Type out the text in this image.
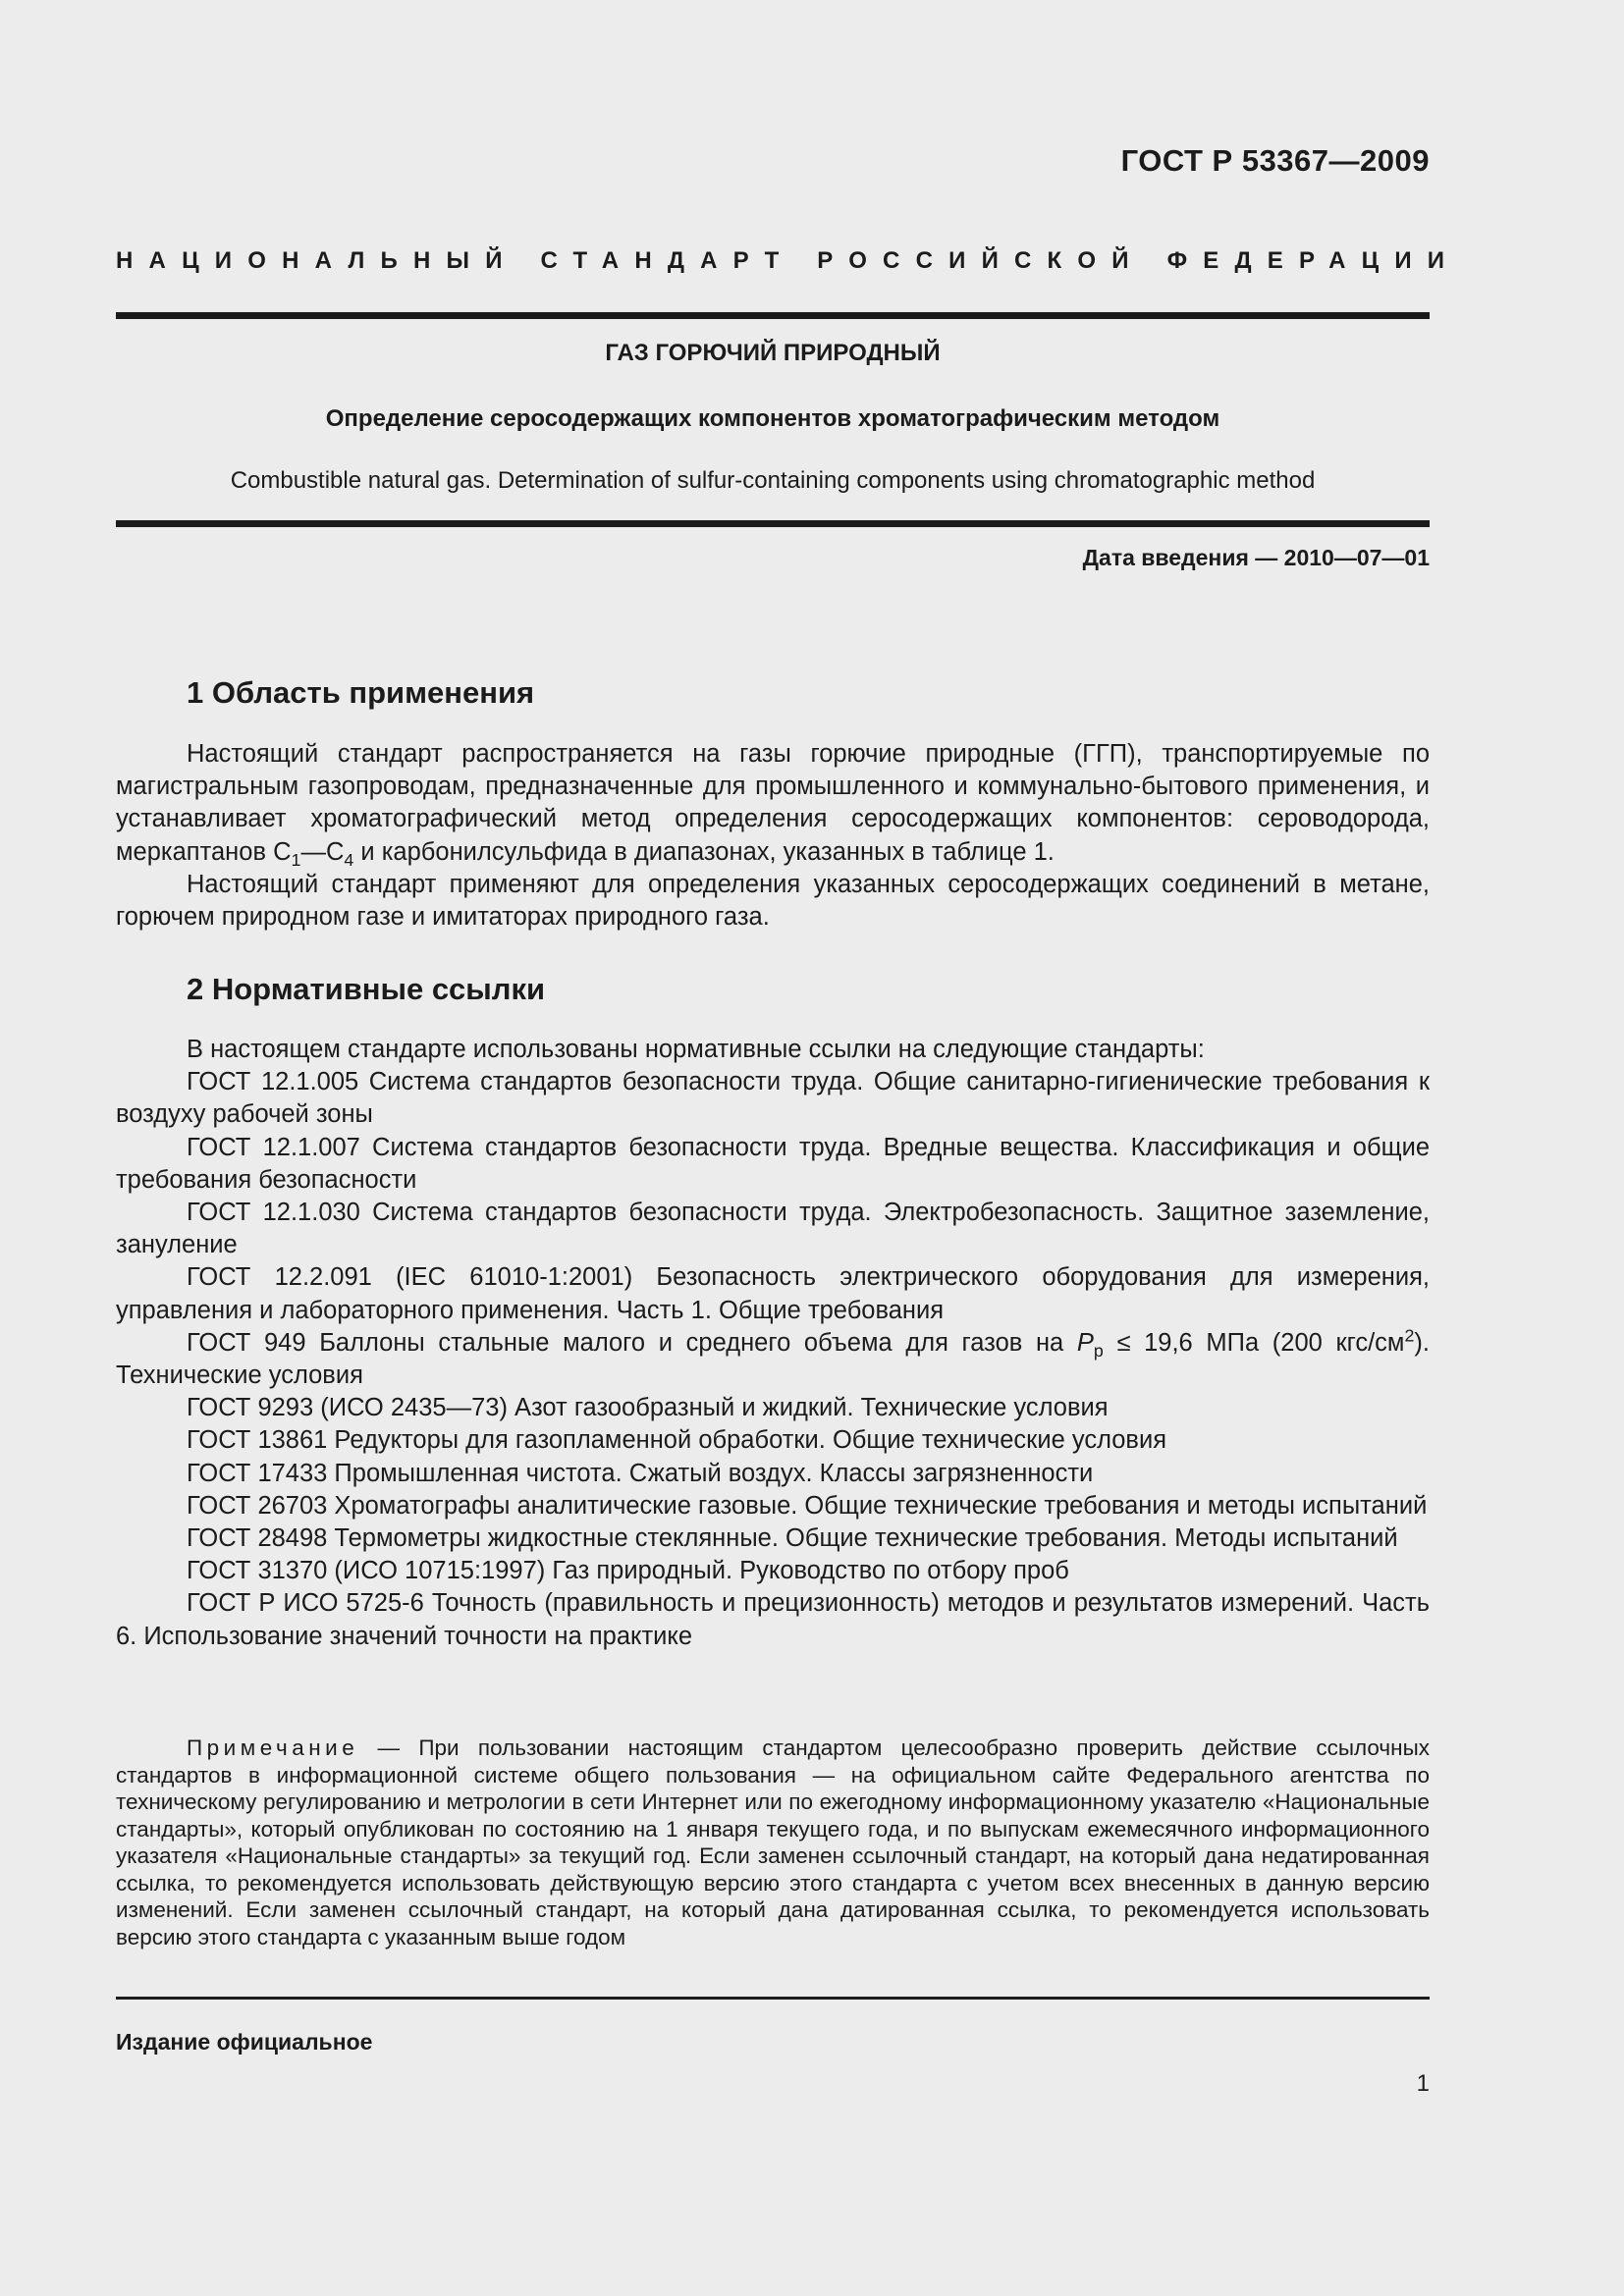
ГОСТ Р 53367—2009
НАЦИОНАЛЬНЫЙ СТАНДАРТ РОССИЙСКОЙ ФЕДЕРАЦИИ
ГАЗ ГОРЮЧИЙ ПРИРОДНЫЙ
Определение серосодержащих компонентов хроматографическим методом
Combustible natural gas. Determination of sulfur-containing components using chromatographic method
Дата введения — 2010—07—01
1 Область применения
Настоящий стандарт распространяется на газы горючие природные (ГГП), транспортируемые по магистральным газопроводам, предназначенные для промышленного и коммунально-бытового применения, и устанавливает хроматографический метод определения серосодержащих компонентов: сероводорода, меркаптанов $С_1—С_4$ и карбонилсульфида в диапазонах, указанных в таблице 1.
Настоящий стандарт применяют для определения указанных серосодержащих соединений в метане, горючем природном газе и имитаторах природного газа.
2 Нормативные ссылки

В настоящем стандарте использованы нормативные ссылки на следующие стандарты:

ГОСТ 12.1.005 Система стандартов безопасности труда. Общие санитарно-гигиенические требования к воздуху рабочей зоны

ГОСТ 12.1.007 Система стандартов безопасности труда. Вредные вещества. Классификация и общие требования безопасности

ГОСТ 12.1.030 Система стандартов безопасности труда. Электробезопасность. Защитное заземление, зануление

ГОСТ 12.2.091 (IEC 61010-1:2001) Безопасность электрического оборудования для измерения, управления и лабораторного применения. Часть 1. Общие требования

ГОСТ 949 Баллоны стальные малого и среднего объема для газов на $P_p \le 19,6$ МПа (200 кгс/$см^2$). Технические условия

ГОСТ 9293 (ИСО 2435—73) Азот газообразный и жидкий. Технические условия

ГОСТ 13861 Редукторы для газопламенной обработки. Общие технические условия

ГОСТ 17433 Промышленная чистота. Сжатый воздух. Классы загрязненности

ГОСТ 26703 Хроматографы аналитические газовые. Общие технические требования и методы испытаний

ГОСТ 28498 Термометры жидкостные стеклянные. Общие технические требования. Методы испытаний

ГОСТ 31370 (ИСО 10715:1997) Газ природный. Руководство по отбору проб

ГОСТ Р ИСО 5725-6 Точность (правильность и прецизионность) методов и результатов измерений. Часть 6. Использование значений точности на практике

Примечание — При пользовании настоящим стандартом целесообразно проверить действие ссылочных стандартов в информационной системе общего пользования — на официальном сайте Федерального агентства по техническому регулированию и метрологии в сети Интернет или по ежегодному информационному указателю «Национальные стандарты», который опубликован по состоянию на 1 января текущего года, и по выпускам ежемесячного информационного указателя «Национальные стандарты» за текущий год. Если заменен ссылочный стандарт, на который дана недатированная ссылка, то рекомендуется использовать действующую версию этого стандарта с учетом всех внесенных в данную версию изменений. Если заменен ссылочный стандарт, на который дана датированная ссылка, то рекомендуется использовать версию этого стандарта с указанным выше годом
Издание официальное
1
